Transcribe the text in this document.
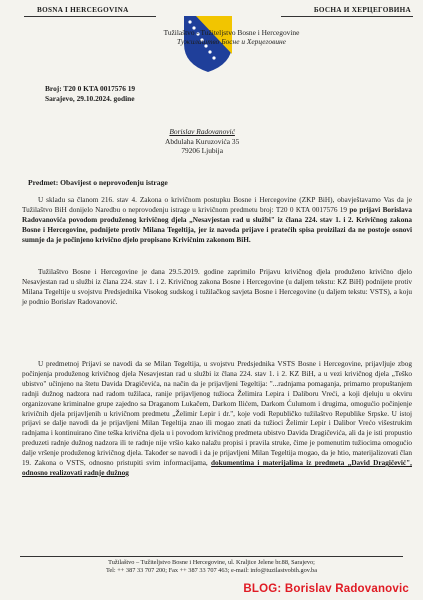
BOSNA I HERCEGOVINA	БОСНА И ХЕРЦЕГОВИНА
Tužilaštvo - Tužiteljstvo Bosne i Hercegovine
Тужилаштво Босне и Херцеговине
Broj: T20 0 KTA 0017576 19
Sarajevo, 29.10.2024. godine
Borislav Radovanović
Abdulaha Kuruzovića 35
79206 Ljubija
Predmet: Obavijest o neprovođenju istrage

U skladu sa članom 216. stav 4. Zakona o krivičnom postupku Bosne i Hercegovine (ZKP BiH), obavještavamo Vas da je Tužilaštvo BiH donijelo Naredbu o neprovođenju istrage u krivičnom predmetu broj: T20 0 KTA 0017576 19 po prijavi Borislava Radovanovića povodom produženog krivičnog djela „Nesavjestan rad u službi" iz člana 224. stav 1. i 2. Krivičnog zakona Bosne i Hercegovine, podnijete protiv Milana Tegeltija, jer iz navoda prijave i pratećih spisa proizilazi da ne postoje osnovi sumnje da je počinjeno krivično djelo propisano Krivičnim zakonom BiH.

Tužilaštvo Bosne i Hercegovine je dana 29.5.2019. godine zaprimilo Prijavu krivičnog djela produženo krivično djelo Nesavjestan rad u službi iz člana 224. stav 1. i 2. Krivičnog zakona Bosne i Hercegovine (u daljem tekstu: KZ BiH) podnijete protiv Milana Tegeltije u svojstvu Predsjednika Visokog sudskog i tužilačkog savjeta Bosne i Hercegovine (u daljem tekstu: VSTS), a koju je podnio Borislav Radovanović.

U predmetnoj Prijavi se navodi da se Milan Tegeltija, u svojstvu Predsjednika VSTS Bosne i Hercegovine, prijavljuje zbog počinjenja produženog krivičnog djela Nesavjestan rad u službi iz člana 224. stav 1. i 2. KZ BiH, a u vezi krivičnog djela „Teško ubistvo" učinjeno na štetu Davida Dragičevića, na način da je prijavljeni Tegeltija: "...radnjama pomaganja, primarno propuštanjem radnji dužnog nadzora nad radom tužilaca, ranije prijavljenog tužioca Želimira Lepira i Daliboru Vreći, a koji djeluju u okviru organizovane kriminalne grupe zajedno sa Draganom Lukačem, Darkom Ilićem, Darkom Ćulumom i drugima, omogućio počinjenje krivičnih djela prijavljenih u krivičnom predmetu „Želimir Lepir i dr.", koje vodi Republičko tužilaštvo Republike Srpske. U istoj prijavi se dalje navodi da je prijavljeni Milan Tegeltija znao ili mogao znati da tužioci Želimir Lepir i Dalibor Vrećo višestrukim radnjama i kontinuirano čine teška krivična djela u i povodom krivičnog predmeta ubistvo Davida Dragičevića, ali da je isti propustio preduzeti radnje dužnog nadzora ili te radnje nije vršio kako nalažu propisi i pravila struke, čime je pomenutim tužiocima omogućio dalje vršenje produženog krivičnog djela. Također se navodi i da je prijavljeni Milan Tegeltija mogao, da je htio, materijalizovati član 19. Zakona o VSTS, odnosno pristupiti svim informacijama, dokumentima i materijalima iz predmeta „David Dragičević", odnosno realizovati radnje dužnog

Tužilaštvo – Tužiteljstvo Bosne i Hercegovine, ul. Kraljice Jelene br.88, Sarajevo;
Tel: ++ 387 33 707 200; Fax ++ 387 33 707 463; e-mail: info@tuzilastvobih.gov.ba
BLOG: Borislav Radovanovic
